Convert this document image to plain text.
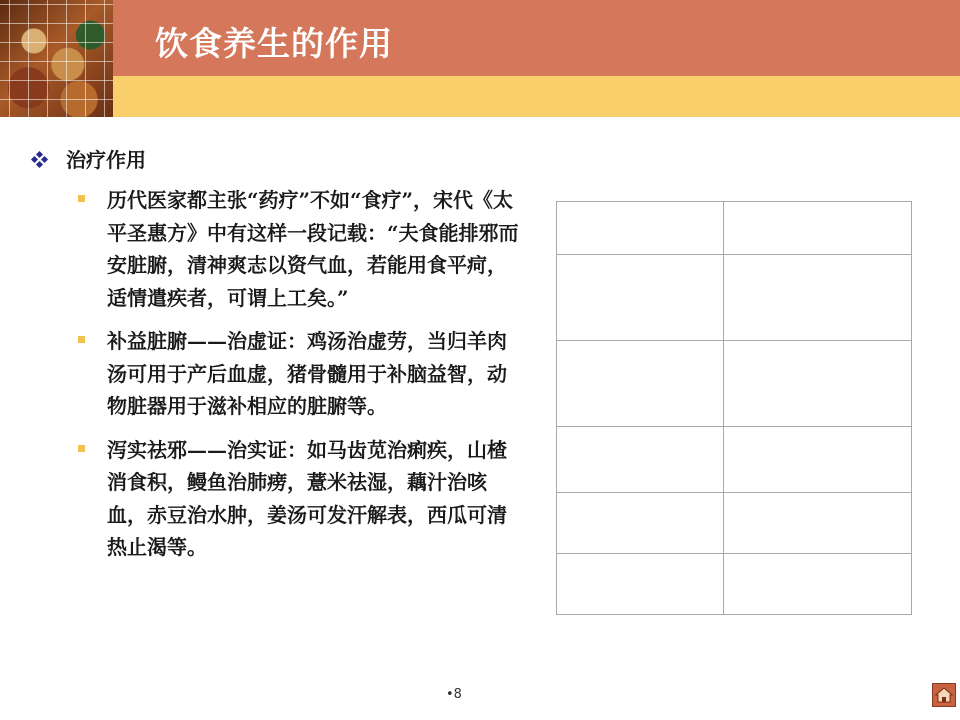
饮食养生的作用
治疗作用
历代医家都主张“药疗”不如“食疗”，宋代《太平圣惠方》中有这样一段记载：“夫食能排邪而安脏腑，清神爽志以资气血，若能用食平疴，适情遣疾者，可谓上工矣。”
补益脏腑——治虚证：鸡汤治虚劳，当归羊肉汤可用于产后血虚，猪骨髓用于补脑益智，动物脏器用于滋补相应的脏腑等。
泻实祛邪——治实证：如马齿苋治痢疾，山楂消食积，鳗鱼治肺痨，薏米祛湿，藕汁治咳血，赤豆治水肿，姜汤可发汗解表，西瓜可清热止渴等。

•8
